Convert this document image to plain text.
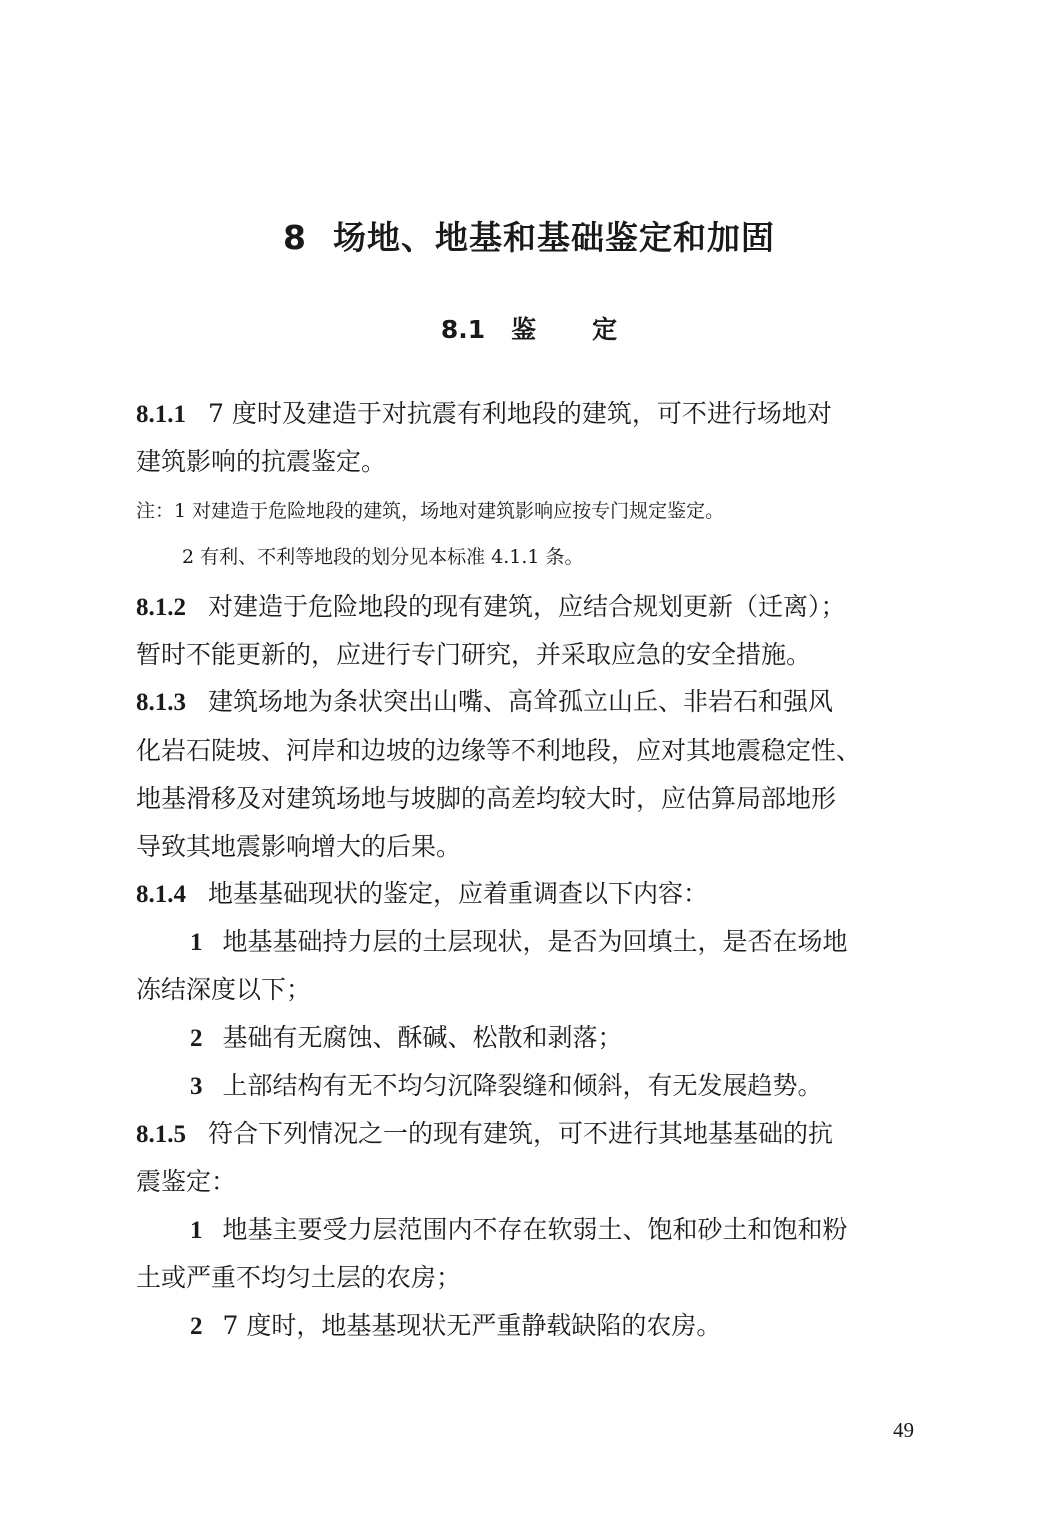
8 场地、地基和基础鉴定和加固
8.1 鉴 定
8.1.1 7 度时及建造于对抗震有利地段的建筑，可不进行场地对
建筑影响的抗震鉴定。
注：1 对建造于危险地段的建筑，场地对建筑影响应按专门规定鉴定。
2 有利、不利等地段的划分见本标准 4.1.1 条。
8.1.2 对建造于危险地段的现有建筑，应结合规划更新（迁离）；
暂时不能更新的，应进行专门研究，并采取应急的安全措施。
8.1.3 建筑场地为条状突出山嘴、高耸孤立山丘、非岩石和强风
化岩石陡坡、河岸和边坡的边缘等不利地段，应对其地震稳定性、
地基滑移及对建筑场地与坡脚的高差均较大时，应估算局部地形
导致其地震影响增大的后果。
8.1.4 地基基础现状的鉴定，应着重调查以下内容：
1 地基基础持力层的土层现状，是否为回填土，是否在场地
冻结深度以下；
2 基础有无腐蚀、酥碱、松散和剥落；
3 上部结构有无不均匀沉降裂缝和倾斜，有无发展趋势。
8.1.5 符合下列情况之一的现有建筑，可不进行其地基基础的抗
震鉴定：
1 地基主要受力层范围内不存在软弱土、饱和砂土和饱和粉
土或严重不均匀土层的农房；
2 7 度时，地基基现状无严重静载缺陷的农房。
49
